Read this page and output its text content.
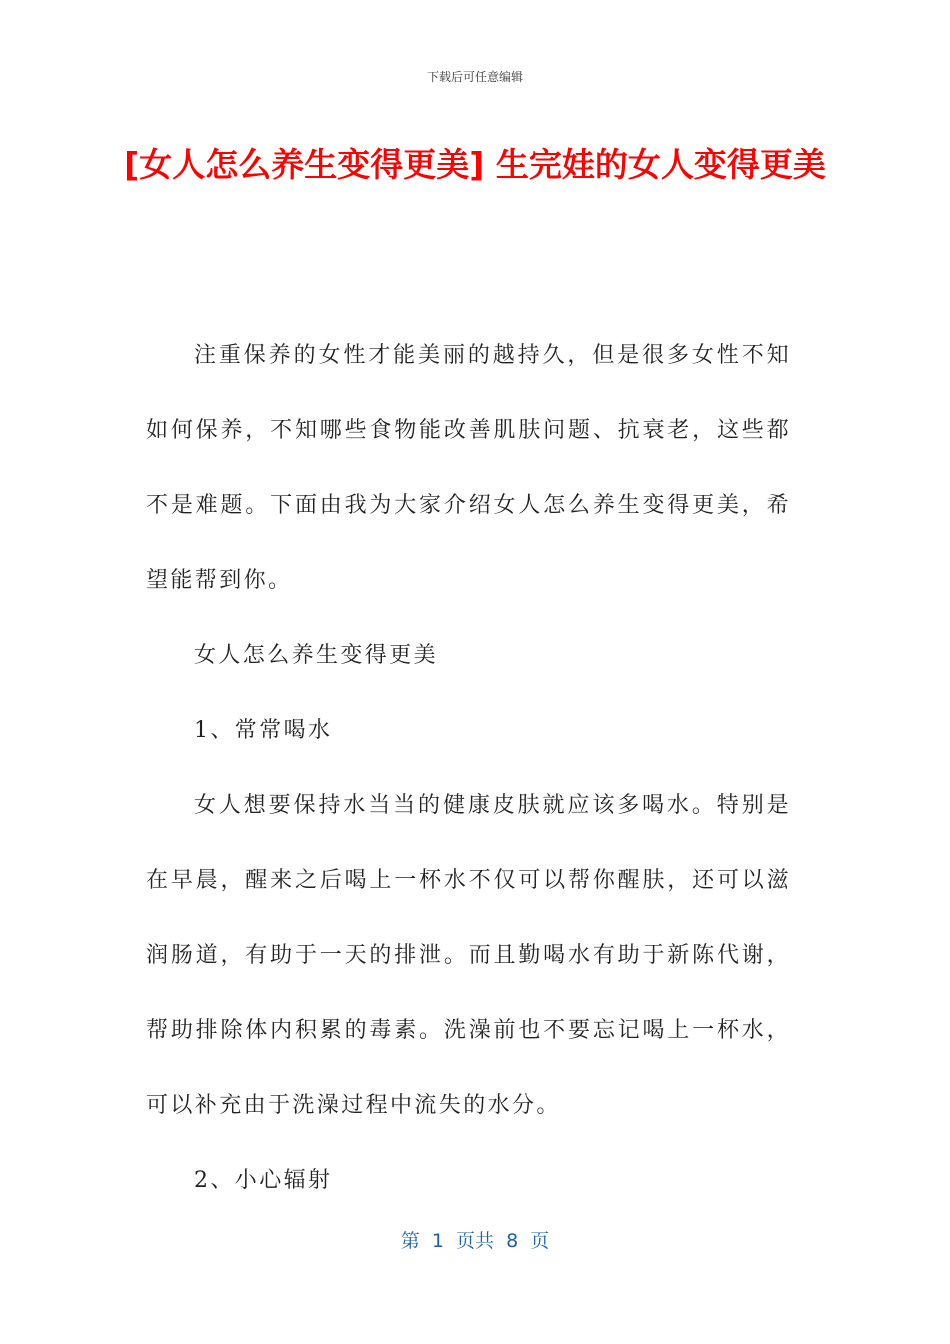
下载后可任意编辑
[女人怎么养生变得更美] 生完娃的女人变得更美

注重保养的女性才能美丽的越持久，但是很多女性不知如何保养，不知哪些食物能改善肌肤问题、抗衰老，这些都不是难题。下面由我为大家介绍女人怎么养生变得更美，希望能帮到你。

女人怎么养生变得更美

1、常常喝水

女人想要保持水当当的健康皮肤就应该多喝水。特别是在早晨，醒来之后喝上一杯水不仅可以帮你醒肤，还可以滋润肠道，有助于一天的排泄。而且勤喝水有助于新陈代谢，帮助排除体内积累的毒素。洗澡前也不要忘记喝上一杯水，可以补充由于洗澡过程中流失的水分。

2、小心辐射

第  1  页共  8  页
